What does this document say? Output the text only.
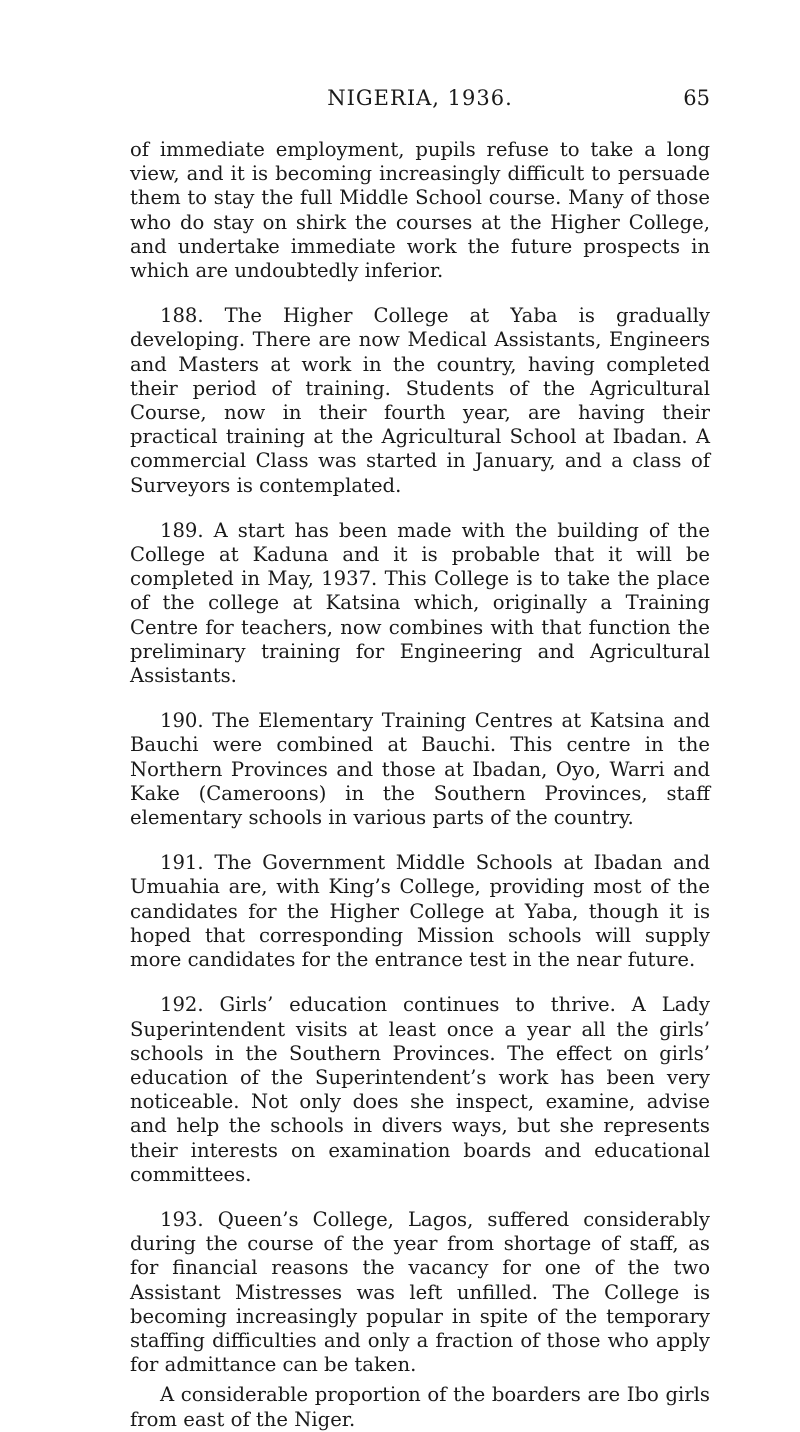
NIGERIA, 1936.	65

of immediate employment, pupils refuse to take a long view, and it is becoming increasingly difficult to persuade them to stay the full Middle School course. Many of those who do stay on shirk the courses at the Higher College, and undertake immediate work the future prospects in which are undoubtedly inferior.

188. The Higher College at Yaba is gradually developing. There are now Medical Assistants, Engineers and Masters at work in the country, having completed their period of training. Students of the Agricultural Course, now in their fourth year, are having their practical training at the Agricultural School at Ibadan. A commercial Class was started in January, and a class of Surveyors is contemplated.

189. A start has been made with the building of the College at Kaduna and it is probable that it will be completed in May, 1937. This College is to take the place of the college at Katsina which, originally a Training Centre for teachers, now combines with that function the preliminary training for Engineering and Agricultural Assistants.

190. The Elementary Training Centres at Katsina and Bauchi were combined at Bauchi. This centre in the Northern Provinces and those at Ibadan, Oyo, Warri and Kake (Cameroons) in the Southern Provinces, staff elementary schools in various parts of the country.

191. The Government Middle Schools at Ibadan and Umuahia are, with King’s College, providing most of the candidates for the Higher College at Yaba, though it is hoped that corresponding Mission schools will supply more candidates for the entrance test in the near future.

192. Girls’ education continues to thrive. A Lady Superintendent visits at least once a year all the girls’ schools in the Southern Provinces. The effect on girls’ education of the Superintendent’s work has been very noticeable. Not only does she inspect, examine, advise and help the schools in divers ways, but she represents their interests on examination boards and educational committees.

193. Queen’s College, Lagos, suffered considerably during the course of the year from shortage of staff, as for financial reasons the vacancy for one of the two Assistant Mistresses was left unfilled. The College is becoming increasingly popular in spite of the temporary staffing difficulties and only a fraction of those who apply for admittance can be taken.

A considerable proportion of the boarders are Ibo girls from east of the Niger.
